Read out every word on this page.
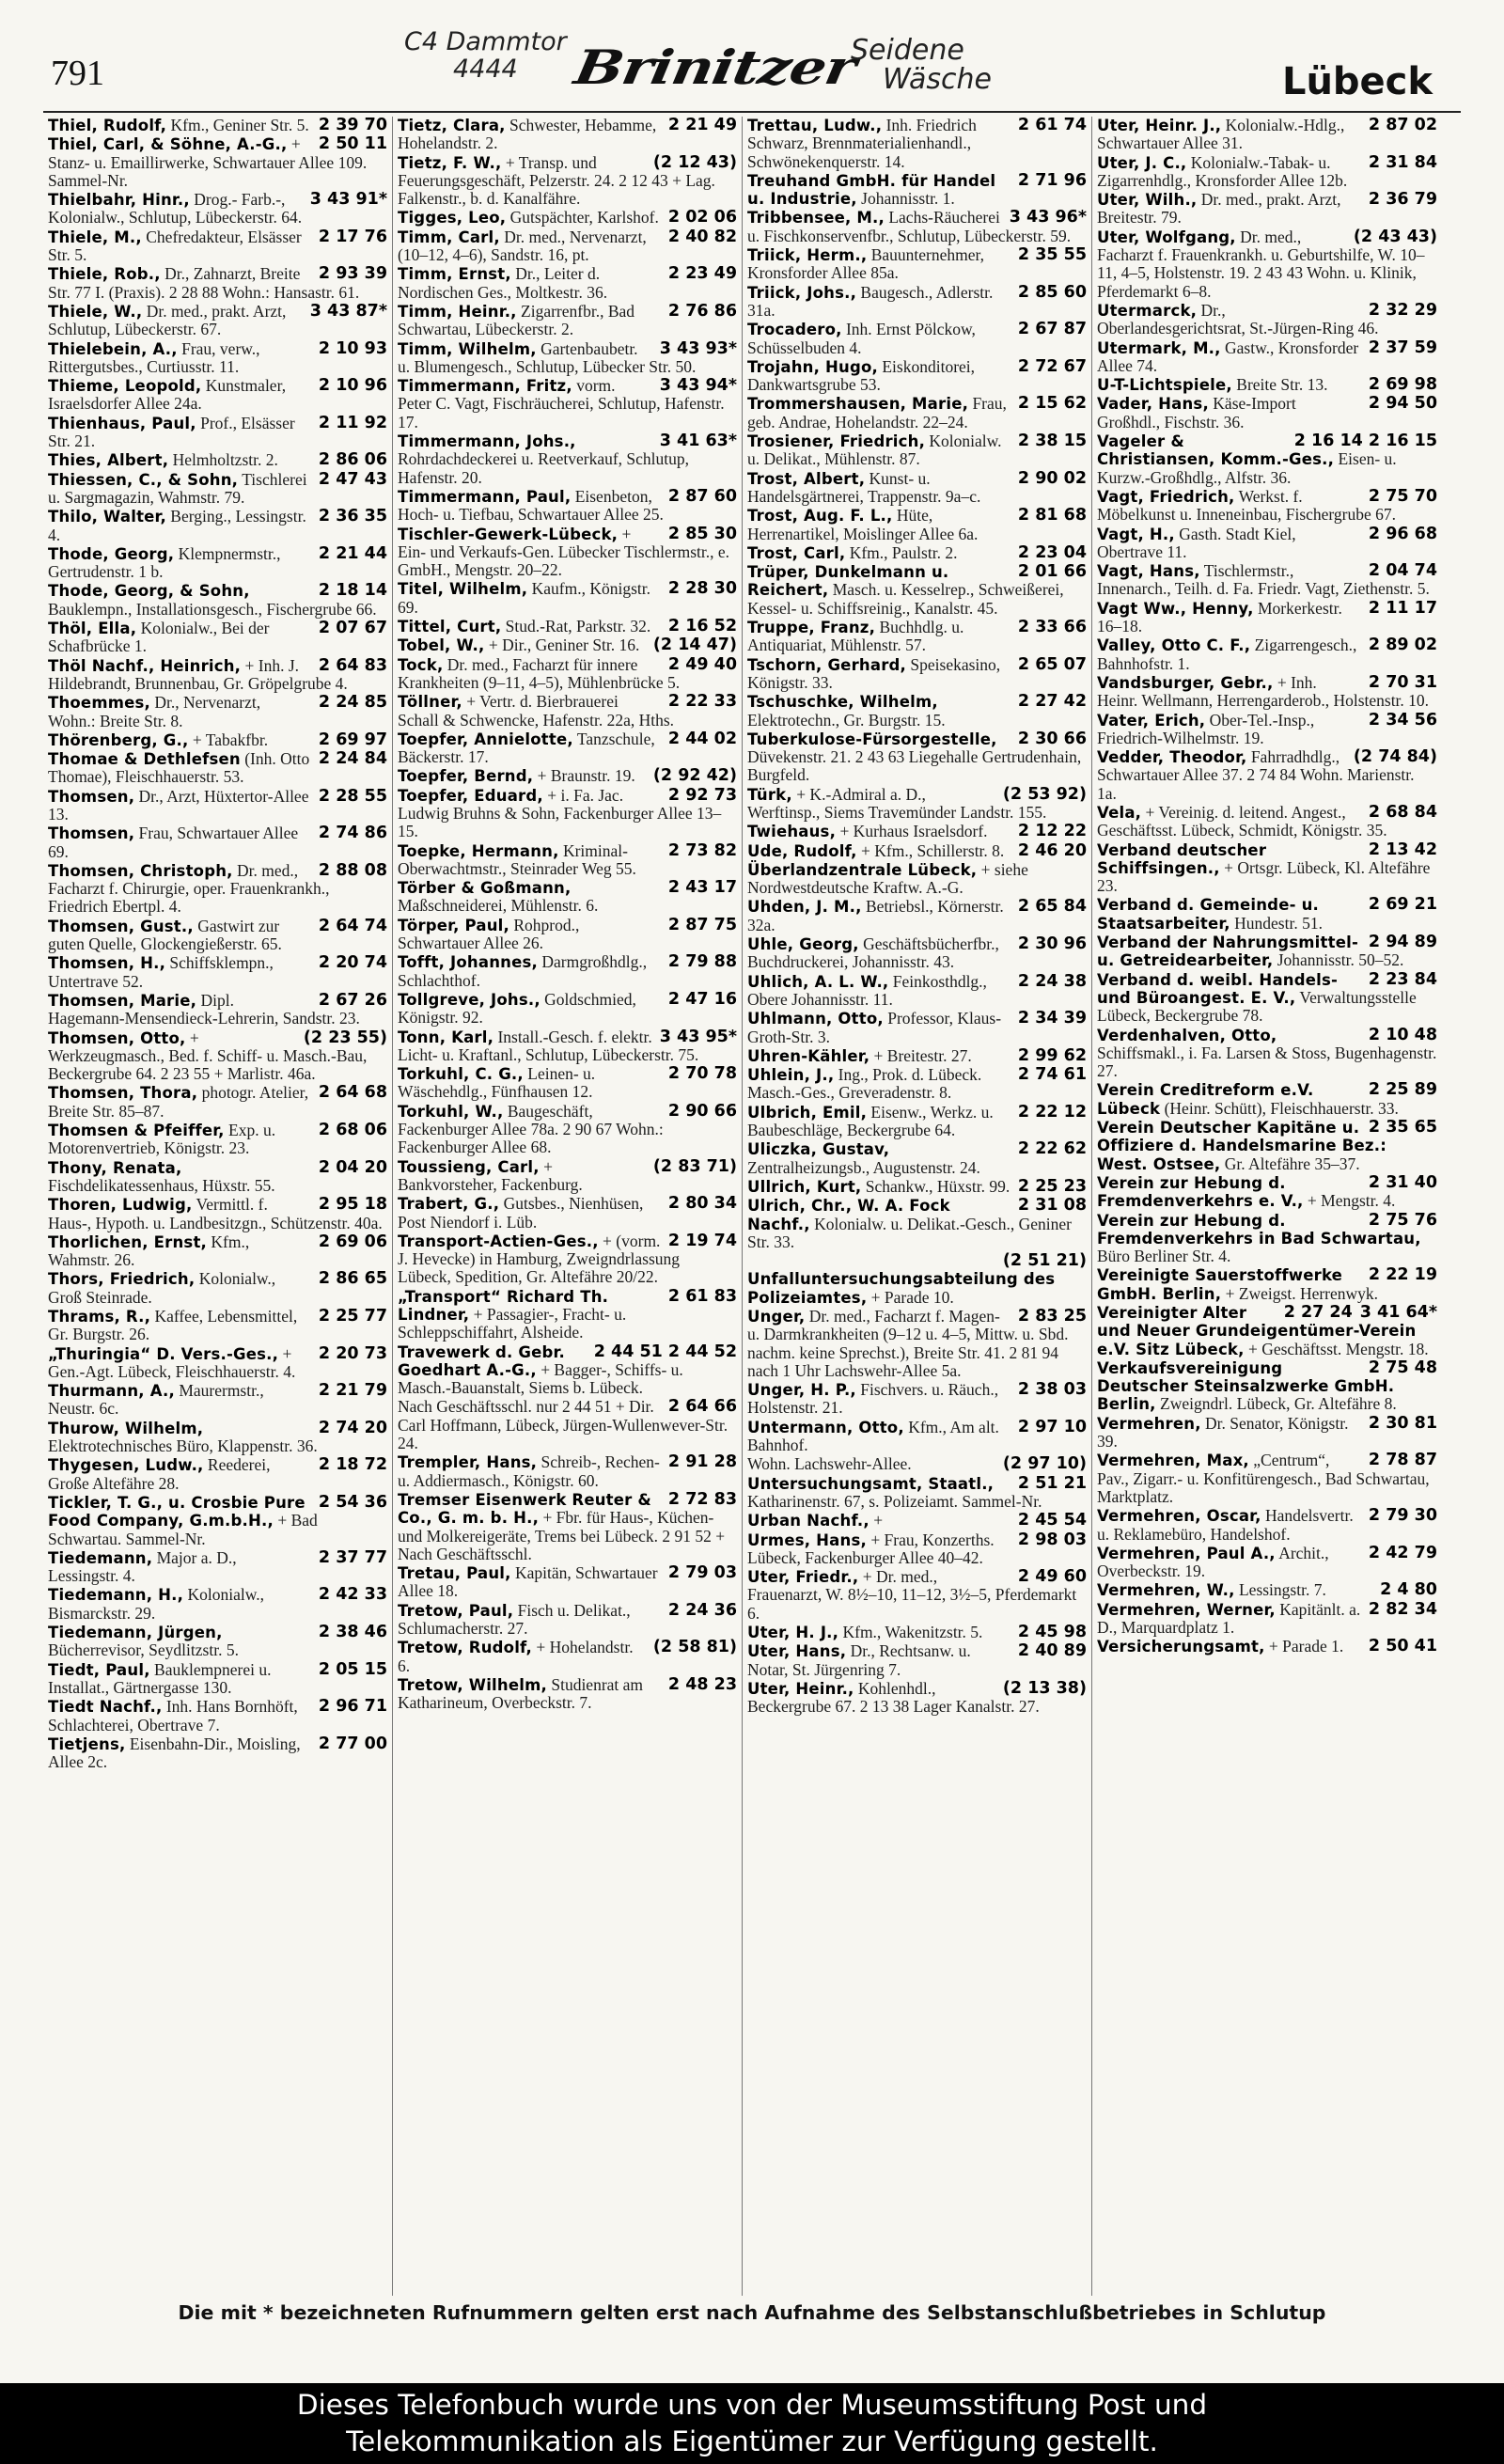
791
C4 Dammtor
4444	Brinitzer
Seidene
Wäsche	Lübeck
2 39 70
Thiel, Rudolf, Kfm., Geniner Str. 5.
2 50 11
Thiel, Carl, & Söhne, A.-G., + Stanz- u. Emaillirwerke, Schwartauer Allee 109. Sammel-Nr.
3 43 91*
Thielbahr, Hinr., Drog.- Farb.-, Kolonialw., Schlutup, Lübeckerstr. 64.
2 17 76
Thiele, M., Chefredakteur, Elsässer Str. 5.
2 93 39
Thiele, Rob., Dr., Zahnarzt, Breite Str. 77 I. (Praxis). 2 28 88 Wohn.: Hansastr. 61.
3 43 87*
Thiele, W., Dr. med., prakt. Arzt, Schlutup, Lübeckerstr. 67.
2 10 93
Thielebein, A., Frau, verw., Rittergutsbes., Curtiusstr. 11.
2 10 96
Thieme, Leopold, Kunstmaler, Israelsdorfer Allee 24a.
2 11 92
Thienhaus, Paul, Prof., Elsässer Str. 21.
2 86 06
Thies, Albert, Helmholtzstr. 2.
2 47 43
Thiessen, C., & Sohn, Tischlerei u. Sargmagazin, Wahmstr. 79.
2 36 35
Thilo, Walter, Berging., Lessingstr. 4.
2 21 44
Thode, Georg, Klempnermstr., Gertrudenstr. 1 b.
2 18 14
Thode, Georg, & Sohn, Bauklempn., Installationsgesch., Fischergrube 66.
2 07 67
Thöl, Ella, Kolonialw., Bei der Schafbrücke 1.
2 64 83
Thöl Nachf., Heinrich, + Inh. J. Hildebrandt, Brunnenbau, Gr. Gröpelgrube 4.
2 24 85
Thoemmes, Dr., Nervenarzt, Wohn.: Breite Str. 8.
2 69 97
Thörenberg, G., + Tabakfbr.
2 24 84
Thomae & Dethlefsen (Inh. Otto Thomae), Fleischhauerstr. 53.
2 28 55
Thomsen, Dr., Arzt, Hüxtertor-Allee 13.
2 74 86
Thomsen, Frau, Schwartauer Allee 69.
2 88 08
Thomsen, Christoph, Dr. med., Facharzt f. Chirurgie, oper. Frauenkrankh., Friedrich Ebertpl. 4.
2 64 74
Thomsen, Gust., Gastwirt zur guten Quelle, Glockengießerstr. 65.
2 20 74
Thomsen, H., Schiffsklempn., Untertrave 52.
2 67 26
Thomsen, Marie, Dipl. Hagemann-Mensendieck-Lehrerin, Sandstr. 23.
(2 23 55)
Thomsen, Otto, + Werkzeugmasch., Bed. f. Schiff- u. Masch.-Bau, Beckergrube 64. 2 23 55 + Marlistr. 46a.
2 64 68
Thomsen, Thora, photogr. Atelier, Breite Str. 85–87.
2 68 06
Thomsen & Pfeiffer, Exp. u. Motorenvertrieb, Königstr. 23.
2 04 20
Thony, Renata, Fischdelikatessenhaus, Hüxstr. 55.
2 95 18
Thoren, Ludwig, Vermittl. f. Haus-, Hypoth. u. Landbesitzgn., Schützenstr. 40a.
2 69 06
Thorlichen, Ernst, Kfm., Wahmstr. 26.
2 86 65
Thors, Friedrich, Kolonialw., Groß Steinrade.
2 25 77
Thrams, R., Kaffee, Lebensmittel, Gr. Burgstr. 26.
2 20 73
„Thuringia“ D. Vers.-Ges., + Gen.-Agt. Lübeck, Fleischhauerstr. 4.
2 21 79
Thurmann, A., Maurermstr., Neustr. 6c.
2 74 20
Thurow, Wilhelm, Elektrotechnisches Büro, Klappenstr. 36.
2 18 72
Thygesen, Ludw., Reederei, Große Altefähre 28.
2 54 36
Tickler, T. G., u. Crosbie Pure Food Company, G.m.b.H., + Bad Schwartau. Sammel-Nr.
2 37 77
Tiedemann, Major a. D., Lessingstr. 4.
2 42 33
Tiedemann, H., Kolonialw., Bismarckstr. 29.
2 38 46
Tiedemann, Jürgen, Bücherrevisor, Seydlitzstr. 5.
2 05 15
Tiedt, Paul, Bauklempnerei u. Installat., Gärtnergasse 130.
2 96 71
Tiedt Nachf., Inh. Hans Bornhöft, Schlachterei, Obertrave 7.
2 77 00
Tietjens, Eisenbahn-Dir., Moisling, Allee 2c.
2 21 49
Tietz, Clara, Schwester, Hebamme, Hohelandstr. 2.
(2 12 43)
Tietz, F. W., + Transp. und Feuerungsgeschäft, Pelzerstr. 24. 2 12 43 + Lag. Falkenstr., b. d. Kanalfähre.
2 02 06
Tigges, Leo, Gutspächter, Karlshof.
2 40 82
Timm, Carl, Dr. med., Nervenarzt, (10–12, 4–6), Sandstr. 16, pt.
2 23 49
Timm, Ernst, Dr., Leiter d. Nordischen Ges., Moltkestr. 36.
2 76 86
Timm, Heinr., Zigarrenfbr., Bad Schwartau, Lübeckerstr. 2.
3 43 93*
Timm, Wilhelm, Gartenbaubetr. u. Blumengesch., Schlutup, Lübecker Str. 50.
3 43 94*
Timmermann, Fritz, vorm. Peter C. Vagt, Fischräucherei, Schlutup, Hafenstr. 17.
3 41 63*
Timmermann, Johs., Rohrdachdeckerei u. Reetverkauf, Schlutup, Hafenstr. 20.
2 87 60
Timmermann, Paul, Eisenbeton, Hoch- u. Tiefbau, Schwartauer Allee 25.
2 85 30
Tischler-Gewerk-Lübeck, + Ein- und Verkaufs-Gen. Lübecker Tischlermstr., e. GmbH., Mengstr. 20–22.
2 28 30
Titel, Wilhelm, Kaufm., Königstr. 69.
2 16 52
Tittel, Curt, Stud.-Rat, Parkstr. 32.
(2 14 47)
Tobel, W., + Dir., Geniner Str. 16.
2 49 40
Tock, Dr. med., Facharzt für innere Krankheiten (9–11, 4–5), Mühlenbrücke 5.
2 22 33
Töllner, + Vertr. d. Bierbrauerei Schall & Schwencke, Hafenstr. 22a, Hths.
2 44 02
Toepfer, Annielotte, Tanzschule, Bäckerstr. 17.
(2 92 42)
Toepfer, Bernd, + Braunstr. 19.
2 92 73
Toepfer, Eduard, + i. Fa. Jac. Ludwig Bruhns & Sohn, Fackenburger Allee 13–15.
2 73 82
Toepke, Hermann, Kriminal-Oberwachtmstr., Steinrader Weg 55.
2 43 17
Törber & Goßmann, Maßschneiderei, Mühlenstr. 6.
2 87 75
Törper, Paul, Rohprod., Schwartauer Allee 26.
2 79 88
Tofft, Johannes, Darmgroßhdlg., Schlachthof.
2 47 16
Tollgreve, Johs., Goldschmied, Königstr. 92.
3 43 95*
Tonn, Karl, Install.-Gesch. f. elektr. Licht- u. Kraftanl., Schlutup, Lübeckerstr. 75.
2 70 78
Torkuhl, C. G., Leinen- u. Wäschehdlg., Fünfhausen 12.
2 90 66
Torkuhl, W., Baugeschäft, Fackenburger Allee 78a. 2 90 67 Wohn.: Fackenburger Allee 68.
(2 83 71)
Toussieng, Carl, + Bankvorsteher, Fackenburg.
2 80 34
Trabert, G., Gutsbes., Nienhüsen, Post Niendorf i. Lüb.
2 19 74
Transport-Actien-Ges., + (vorm. J. Hevecke) in Hamburg, Zweigndrlassung Lübeck, Spedition, Gr. Altefähre 20/22.
2 61 83
„Transport“ Richard Th. Lindner, + Passagier-, Fracht- u. Schleppschiffahrt, Alsheide.
2 44 51 2 44 52
Travewerk d. Gebr. Goedhart A.-G., + Bagger-, Schiffs- u. Masch.-Bauanstalt, Siems b. Lübeck.
2 64 66
Nach Geschäftsschl. nur 2 44 51 + Dir. Carl Hoffmann, Lübeck, Jürgen-Wullenwever-Str. 24.
2 91 28
Trempler, Hans, Schreib-, Rechen- u. Addiermasch., Königstr. 60.
2 72 83
Tremser Eisenwerk Reuter & Co., G. m. b. H., + Fbr. für Haus-, Küchen- und Molkereigeräte, Trems bei Lübeck. 2 91 52 + Nach Geschäftsschl.
2 79 03
Tretau, Paul, Kapitän, Schwartauer Allee 18.
2 24 36
Tretow, Paul, Fisch u. Delikat., Schlumacherstr. 27.
(2 58 81)
Tretow, Rudolf, + Hohelandstr. 6.
2 48 23
Tretow, Wilhelm, Studienrat am Katharineum, Overbeckstr. 7.
2 61 74
Trettau, Ludw., Inh. Friedrich Schwarz, Brennmaterialienhandl., Schwönekenquerstr. 14.
2 71 96
Treuhand GmbH. für Handel u. Industrie, Johannisstr. 1.
3 43 96*
Tribbensee, M., Lachs-Räucherei u. Fischkonservenfbr., Schlutup, Lübeckerstr. 59.
2 35 55
Triick, Herm., Bauunternehmer, Kronsforder Allee 85a.
2 85 60
Triick, Johs., Baugesch., Adlerstr. 31a.
2 67 87
Trocadero, Inh. Ernst Pölckow, Schüsselbuden 4.
2 72 67
Trojahn, Hugo, Eiskonditorei, Dankwartsgrube 53.
2 15 62
Trommershausen, Marie, Frau, geb. Andrae, Hohelandstr. 22–24.
2 38 15
Trosiener, Friedrich, Kolonialw. u. Delikat., Mühlenstr. 87.
2 90 02
Trost, Albert, Kunst- u. Handelsgärtnerei, Trappenstr. 9a–c.
2 81 68
Trost, Aug. F. L., Hüte, Herrenartikel, Moislinger Allee 6a.
2 23 04
Trost, Carl, Kfm., Paulstr. 2.
2 01 66
Trüper, Dunkelmann u. Reichert, Masch. u. Kesselrep., Schweißerei, Kessel- u. Schiffsreinig., Kanalstr. 45.
2 33 66
Truppe, Franz, Buchhdlg. u. Antiquariat, Mühlenstr. 57.
2 65 07
Tschorn, Gerhard, Speisekasino, Königstr. 33.
2 27 42
Tschuschke, Wilhelm, Elektrotechn., Gr. Burgstr. 15.
2 30 66
Tuberkulose-Fürsorgestelle, Düvekenstr. 21. 2 43 63 Liegehalle Gertrudenhain, Burgfeld.
(2 53 92)
Türk, + K.-Admiral a. D., Werftinsp., Siems Travemünder Landstr. 155.
2 12 22
Twiehaus, + Kurhaus Israelsdorf.
2 46 20
Ude, Rudolf, + Kfm., Schillerstr. 8.
Überlandzentrale Lübeck, + siehe Nordwestdeutsche Kraftw. A.-G.
2 65 84
Uhden, J. M., Betriebsl., Körnerstr. 32a.
2 30 96
Uhle, Georg, Geschäftsbücherfbr., Buchdruckerei, Johannisstr. 43.
2 24 38
Uhlich, A. L. W., Feinkosthdlg., Obere Johannisstr. 11.
2 34 39
Uhlmann, Otto, Professor, Klaus-Groth-Str. 3.
2 99 62
Uhren-Kähler, + Breitestr. 27.
2 74 61
Uhlein, J., Ing., Prok. d. Lübeck. Masch.-Ges., Greveradenstr. 8.
2 22 12
Ulbrich, Emil, Eisenw., Werkz. u. Baubeschläge, Beckergrube 64.
2 22 62
Uliczka, Gustav, Zentralheizungsb., Augustenstr. 24.
2 25 23
Ullrich, Kurt, Schankw., Hüxstr. 99.
2 31 08
Ulrich, Chr., W. A. Fock Nachf., Kolonialw. u. Delikat.-Gesch., Geniner Str. 33.
(2 51 21)
Unfalluntersuchungsabteilung des Polizeiamtes, + Parade 10.
2 83 25
Unger, Dr. med., Facharzt f. Magen- u. Darmkrankheiten (9–12 u. 4–5, Mittw. u. Sbd. nachm. keine Sprechst.), Breite Str. 41. 2 81 94 nach 1 Uhr Lachswehr-Allee 5a.
2 38 03
Unger, H. P., Fischvers. u. Räuch., Holstenstr. 21.
2 97 10
Untermann, Otto, Kfm., Am alt. Bahnhof.
(2 97 10)
Wohn. Lachswehr-Allee.
2 51 21
Untersuchungsamt, Staatl., Katharinenstr. 67, s. Polizeiamt. Sammel-Nr.
2 45 54
Urban Nachf., +
2 98 03
Urmes, Hans, + Frau, Konzerths. Lübeck, Fackenburger Allee 40–42.
2 49 60
Uter, Friedr., + Dr. med., Frauenarzt, W. 8½–10, 11–12, 3½–5, Pferdemarkt 6.
2 45 98
Uter, H. J., Kfm., Wakenitzstr. 5.
2 40 89
Uter, Hans, Dr., Rechtsanw. u. Notar, St. Jürgenring 7.
(2 13 38)
Uter, Heinr., Kohlenhdl., Beckergrube 67. 2 13 38 Lager Kanalstr. 27.
2 87 02
Uter, Heinr. J., Kolonialw.-Hdlg., Schwartauer Allee 31.
2 31 84
Uter, J. C., Kolonialw.-Tabak- u. Zigarrenhdlg., Kronsforder Allee 12b.
2 36 79
Uter, Wilh., Dr. med., prakt. Arzt, Breitestr. 79.
(2 43 43)
Uter, Wolfgang, Dr. med., Facharzt f. Frauenkrankh. u. Geburtshilfe, W. 10–11, 4–5, Holstenstr. 19. 2 43 43 Wohn. u. Klinik, Pferdemarkt 6–8.
2 32 29
Utermarck, Dr., Oberlandesgerichtsrat, St.-Jürgen-Ring 46.
2 37 59
Utermark, M., Gastw., Kronsforder Allee 74.
2 69 98
U-T-Lichtspiele, Breite Str. 13.
2 94 50
Vader, Hans, Käse-Import Großhdl., Fischstr. 36.
2 16 14 2 16 15
Vageler & Christiansen, Komm.-Ges., Eisen- u. Kurzw.-Großhdlg., Alfstr. 36.
2 75 70
Vagt, Friedrich, Werkst. f. Möbelkunst u. Inneneinbau, Fischergrube 67.
2 96 68
Vagt, H., Gasth. Stadt Kiel, Obertrave 11.
2 04 74
Vagt, Hans, Tischlermstr., Innenarch., Teilh. d. Fa. Friedr. Vagt, Ziethenstr. 5.
2 11 17
Vagt Ww., Henny, Morkerkestr. 16–18.
2 89 02
Valley, Otto C. F., Zigarrengesch., Bahnhofstr. 1.
2 70 31
Vandsburger, Gebr., + Inh. Heinr. Wellmann, Herrengarderob., Holstenstr. 10.
2 34 56
Vater, Erich, Ober-Tel.-Insp., Friedrich-Wilhelmstr. 19.
(2 74 84)
Vedder, Theodor, Fahrradhdlg., Schwartauer Allee 37. 2 74 84 Wohn. Marienstr. 1a.
2 68 84
Vela, + Vereinig. d. leitend. Angest., Geschäftsst. Lübeck, Schmidt, Königstr. 35.
2 13 42
Verband deutscher Schiffsingen., + Ortsgr. Lübeck, Kl. Altefähre 23.
2 69 21
Verband d. Gemeinde- u. Staatsarbeiter, Hundestr. 51.
2 94 89
Verband der Nahrungsmittel- u. Getreidearbeiter, Johannisstr. 50–52.
2 23 84
Verband d. weibl. Handels- und Büroangest. E. V., Verwaltungsstelle Lübeck, Beckergrube 78.
2 10 48
Verdenhalven, Otto, Schiffsmakl., i. Fa. Larsen & Stoss, Bugenhagenstr. 27.
2 25 89
Verein Creditreform e.V. Lübeck (Heinr. Schütt), Fleischhauerstr. 33.
2 35 65
Verein Deutscher Kapitäne u. Offiziere d. Handelsmarine Bez.: West. Ostsee, Gr. Altefähre 35–37.
2 31 40
Verein zur Hebung d. Fremdenverkehrs e. V., + Mengstr. 4.
2 75 76
Verein zur Hebung d. Fremdenverkehrs in Bad Schwartau, Büro Berliner Str. 4.
2 22 19
Vereinigte Sauerstoffwerke GmbH. Berlin, + Zweigst. Herrenwyk.
3 41 64*
2 27 24
Vereinigter Alter und Neuer Grundeigentümer-Verein e.V. Sitz Lübeck, + Geschäftsst. Mengstr. 18.
2 75 48
Verkaufsvereinigung Deutscher Steinsalzwerke GmbH. Berlin, Zweigndrl. Lübeck, Gr. Altefähre 8.
2 30 81
Vermehren, Dr. Senator, Königstr. 39.
2 78 87
Vermehren, Max, „Centrum“, Pav., Zigarr.- u. Konfitürengesch., Bad Schwartau, Marktplatz.
2 79 30
Vermehren, Oscar, Handelsvertr. u. Reklamebüro, Handelshof.
2 42 79
Vermehren, Paul A., Archit., Overbeckstr. 19.
2 4 80
Vermehren, W., Lessingstr. 7.
2 82 34
Vermehren, Werner, Kapitänlt. a. D., Marquardplatz 1.
2 50 41
Versicherungsamt, + Parade 1.
Die mit * bezeichneten Rufnummern gelten erst nach Aufnahme des Selbstanschlußbetriebes in Schlutup
Dieses Telefonbuch wurde uns von der Museumsstiftung Post und
Telekommunikation als Eigentümer zur Verfügung gestellt.
